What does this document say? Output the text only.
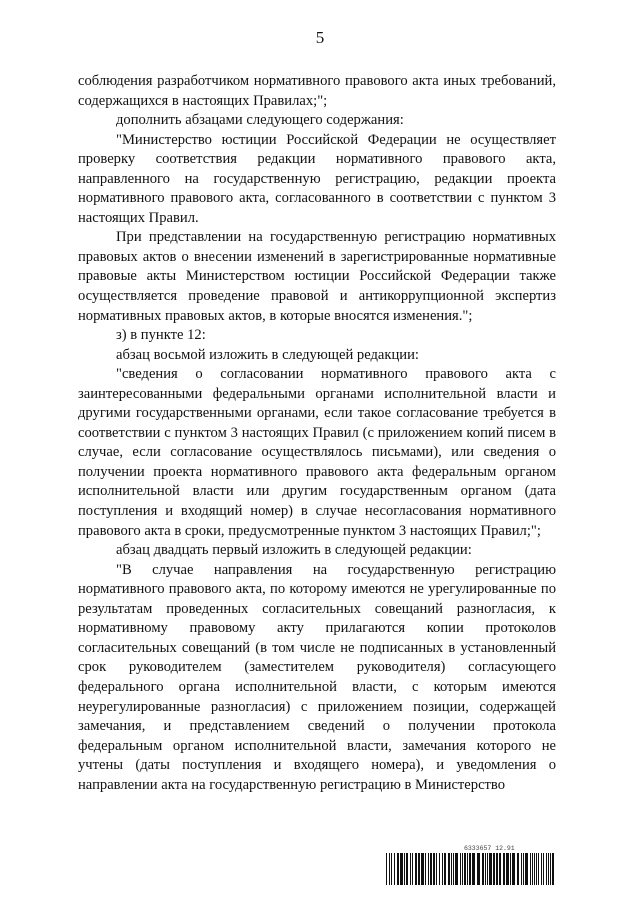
5

соблюдения разработчиком нормативного правового акта иных требований, содержащихся в настоящих Правилах;";

дополнить абзацами следующего содержания:

"Министерство юстиции Российской Федерации не осуществляет проверку соответствия редакции нормативного правового акта, направленного на государственную регистрацию, редакции проекта нормативного правового акта, согласованного в соответствии с пунктом 3 настоящих Правил.

При представлении на государственную регистрацию нормативных правовых актов о внесении изменений в зарегистрированные нормативные правовые акты Министерством юстиции Российской Федерации также осуществляется проведение правовой и антикоррупционной экспертиз нормативных правовых актов, в которые вносятся изменения.";

з) в пункте 12:

абзац восьмой изложить в следующей редакции:

"сведения о согласовании нормативного правового акта с заинтересованными федеральными органами исполнительной власти и другими государственными органами, если такое согласование требуется в соответствии с пунктом 3 настоящих Правил (с приложением копий писем в случае, если согласование осуществлялось письмами), или сведения о получении проекта нормативного правового акта федеральным органом исполнительной власти или другим государственным органом (дата поступления и входящий номер) в случае несогласования нормативного правового акта в сроки, предусмотренные пунктом 3 настоящих Правил;";

абзац двадцать первый изложить в следующей редакции:

"В случае направления на государственную регистрацию нормативного правового акта, по которому имеются не урегулированные по результатам проведенных согласительных совещаний разногласия, к нормативному правовому акту прилагаются копии протоколов согласительных совещаний (в том числе не подписанных в установленный срок руководителем (заместителем руководителя) согласующего федерального органа исполнительной власти, с которым имеются неурегулированные разногласия) с приложением позиции, содержащей замечания, и представлением сведений о получении протокола федеральным органом исполнительной власти, замечания которого не учтены (даты поступления и входящего номера), и уведомления о направлении акта на государственную регистрацию в Министерство

6333657 12.91
